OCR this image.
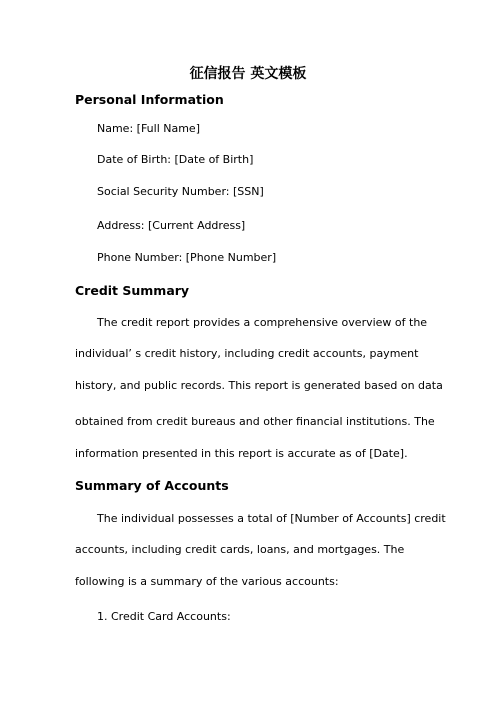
征信报告 英文模板
Personal Information

Name: [Full Name]

Date of Birth: [Date of Birth]

Social Security Number: [SSN]

Address: [Current Address]

Phone Number: [Phone Number]

Credit Summary

The credit report provides a comprehensive overview of the

individual’ s credit history, including credit accounts, payment

history, and public records. This report is generated based on data

obtained from credit bureaus and other financial institutions. The

information presented in this report is accurate as of [Date].

Summary of Accounts

The individual possesses a total of [Number of Accounts] credit

accounts, including credit cards, loans, and mortgages. The

following is a summary of the various accounts:

1. Credit Card Accounts:
